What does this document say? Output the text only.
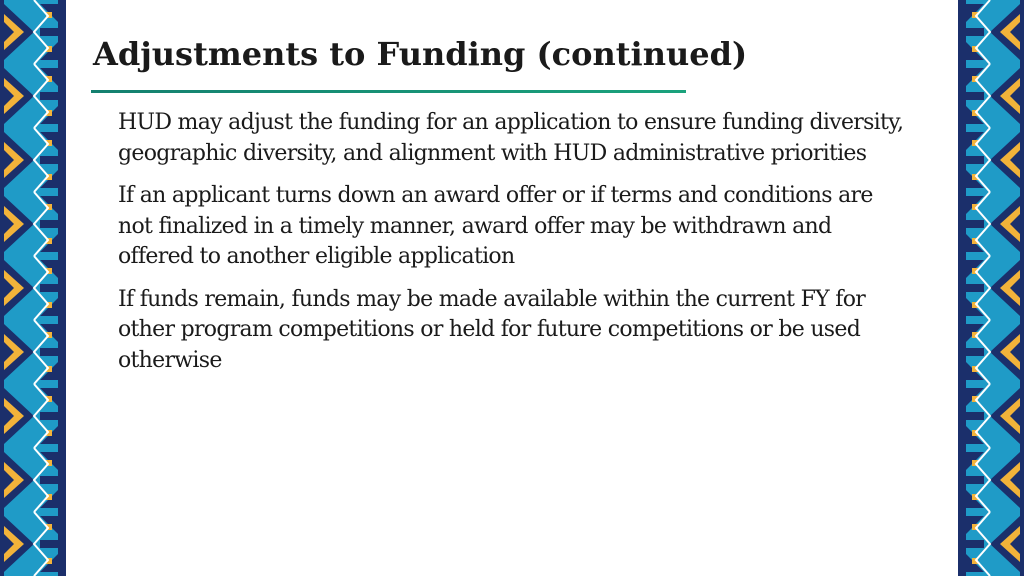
Adjustments to Funding (continued)

HUD may adjust the funding for an application to ensure funding diversity, geographic diversity, and alignment with HUD administrative priorities

If an applicant turns down an award offer or if terms and conditions are not finalized in a timely manner, award offer may be withdrawn and offered to another eligible application

If funds remain, funds may be made available within the current FY for other program competitions or held for future competitions or be used otherwise
